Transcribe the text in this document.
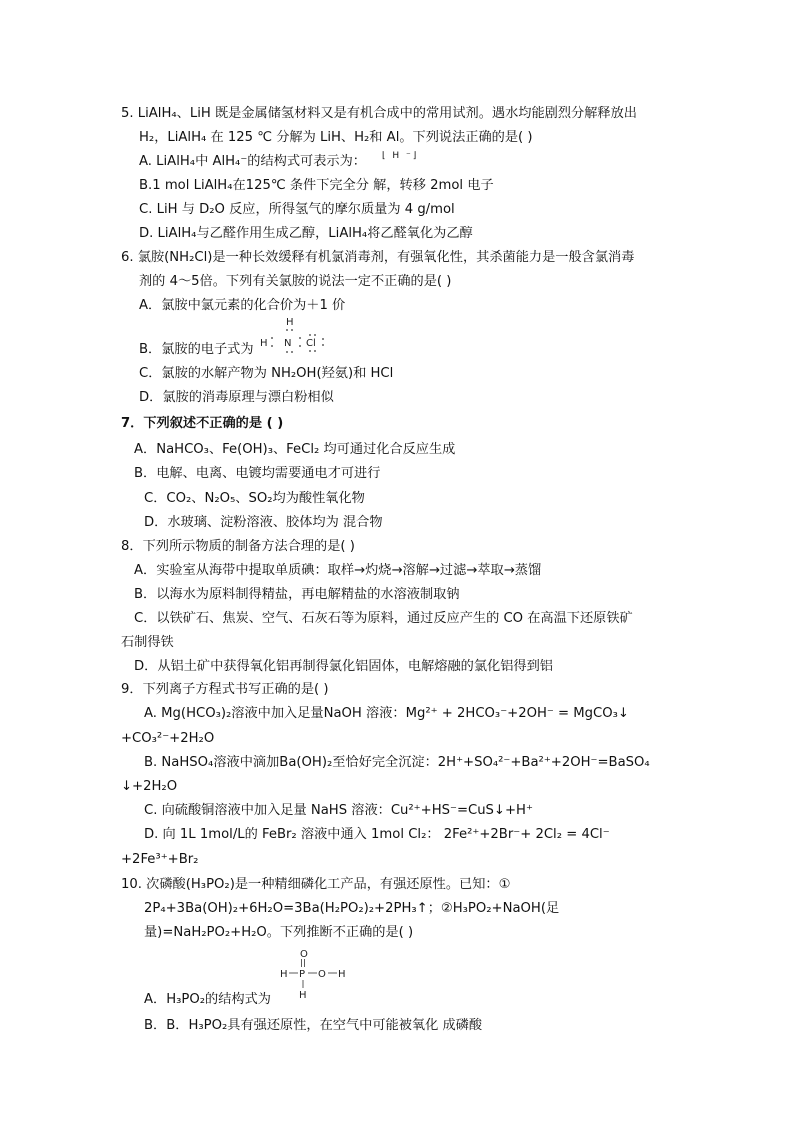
5. LiAlH₄、LiH 既是金属储氢材料又是有机合成中的常用试剂。遇水均能剧烈分解释放出
H₂，LiAlH₄ 在 125 ℃ 分解为 LiH、H₂和 Al。下列说法正确的是( )
A. LiAlH₄中 AlH₄⁻的结构式可表示为： ⌊ H ⁻⌋
B.1 mol LiAlH₄在125℃ 条件下完全分 解，转移 2mol 电子
C. LiH 与 D₂O 反应，所得氢气的摩尔质量为 4 g/mol
D. LiAlH₄与乙醛作用生成乙醇，LiAlH₄将乙醛氧化为乙醇
6. 氯胺(NH₂Cl)是一种长效缓释有机氯消毒剂，有强氧化性，其杀菌能力是一般含氯消毒
剂的 4～5倍。下列有关氯胺的说法一定不正确的是( )
A．氯胺中氯元素的化合价为＋1 价
B．氯胺的电子式为
H
H N Cl
C．氯胺的水解产物为 NH₂OH(羟氨)和 HCl
D．氯胺的消毒原理与漂白粉相似
7．下列叙述不正确的是 ( )
A．NaHCO₃、Fe(OH)₃、FeCl₂ 均可通过化合反应生成
B．电解、电离、电镀均需要通电才可进行
C．CO₂、N₂O₅、SO₂均为酸性氧化物
D．水玻璃、淀粉溶液、胶体均为 混合物
8．下列所示物质的制备方法合理的是( )
A．实验室从海带中提取单质碘：取样→灼烧→溶解→过滤→萃取→蒸馏
B．以海水为原料制得精盐，再电解精盐的水溶液制取钠
C．以铁矿石、焦炭、空气、石灰石等为原料，通过反应产生的 CO 在高温下还原铁矿
石制得铁
D．从铝土矿中获得氧化铝再制得氯化铝固体，电解熔融的氯化铝得到铝
9．下列离子方程式书写正确的是( )
A. Mg(HCO₃)₂溶液中加入足量NaOH 溶液：Mg²⁺ + 2HCO₃⁻+2OH⁻ = MgCO₃↓
+CO₃²⁻+2H₂O
B. NaHSO₄溶液中滴加Ba(OH)₂至恰好完全沉淀：2H⁺+SO₄²⁻+Ba²⁺+2OH⁻=BaSO₄
↓+2H₂O
C. 向硫酸铜溶液中加入足量 NaHS 溶液：Cu²⁺+HS⁻=CuS↓+H⁺
D. 向 1L 1mol/L的 FeBr₂ 溶液中通入 1mol Cl₂： 2Fe²⁺+2Br⁻+ 2Cl₂ = 4Cl⁻
+2Fe³⁺+Br₂
10. 次磷酸(H₃PO₂)是一种精细磷化工产品，有强还原性。已知：①
2P₄+3Ba(OH)₂+6H₂O=3Ba(H₂PO₂)₂+2PH₃↑；②H₃PO₂+NaOH(足
量)=NaH₂PO₂+H₂O。下列推断不正确的是( )
A．H₃PO₂的结构式为
O
H P O H
H
B．B．H₃PO₂具有强还原性，在空气中可能被氧化 成磷酸
